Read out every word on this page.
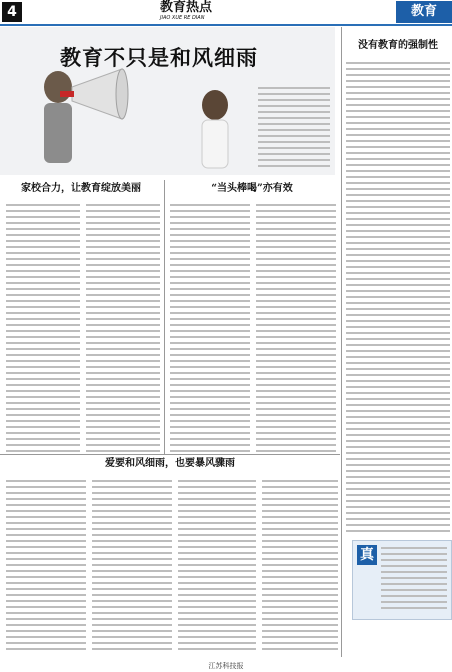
4	教育热点
JIAO XUE RE DIAN	教育
教育不只是和风细雨
家校合力，让教育绽放美丽	“当头棒喝”亦有效
爱要和风细雨，也要暴风骤雨
没有教育的强制性
真
江苏科技报
